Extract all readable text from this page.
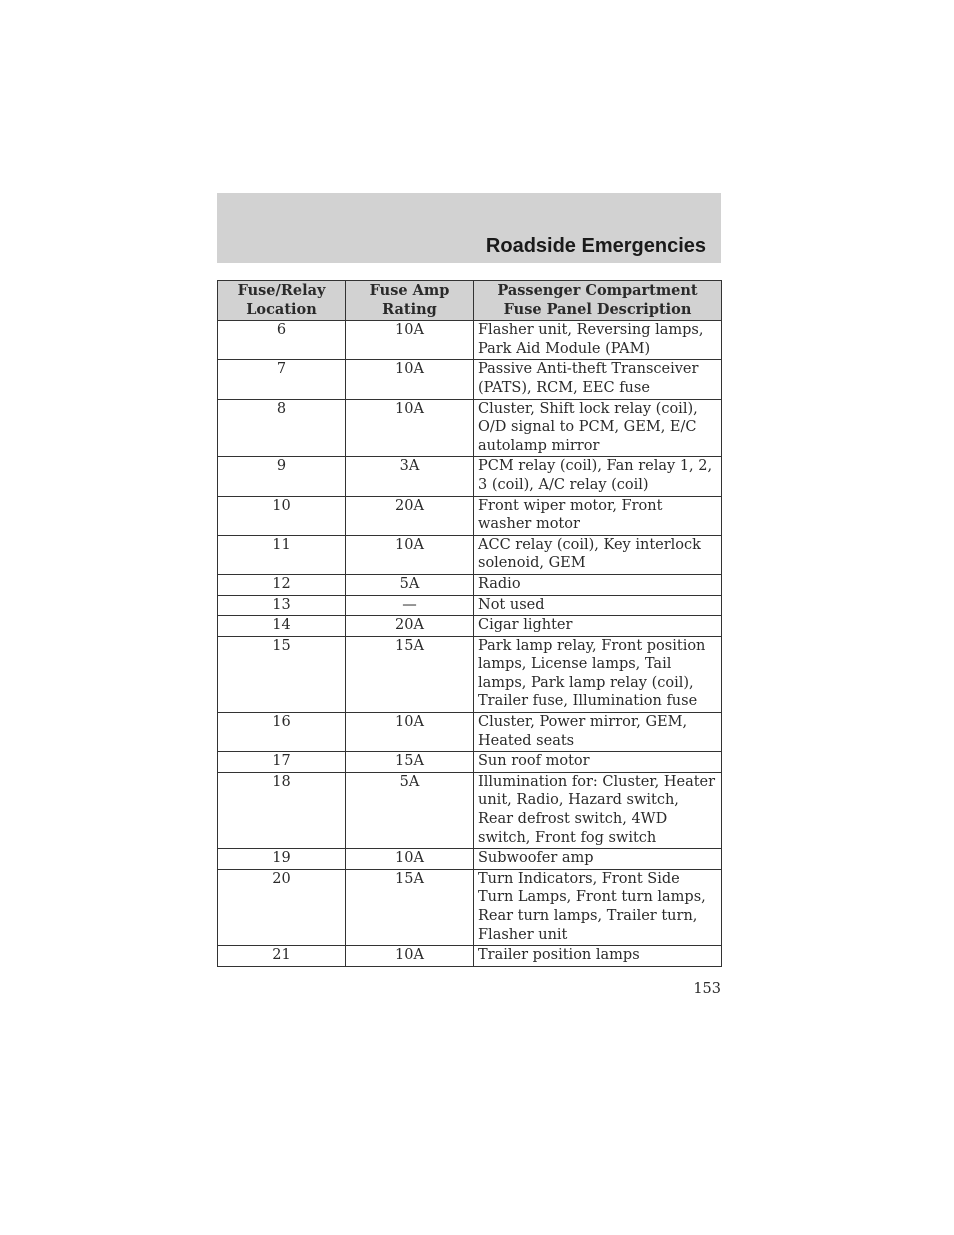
Roadside Emergencies
Fuse/Relay Location	Fuse Amp Rating	Passenger Compartment Fuse Panel Description
6	10A	Flasher unit, Reversing lamps, Park Aid Module (PAM)
7	10A	Passive Anti-theft Transceiver (PATS), RCM, EEC fuse
8	10A	Cluster, Shift lock relay (coil), O/D signal to PCM, GEM, E/C autolamp mirror
9	3A	PCM relay (coil), Fan relay 1, 2, 3 (coil), A/C relay (coil)
10	20A	Front wiper motor, Front washer motor
11	10A	ACC relay (coil), Key interlock solenoid, GEM
12	5A	Radio
13	—	Not used
14	20A	Cigar lighter
15	15A	Park lamp relay, Front position lamps, License lamps, Tail lamps, Park lamp relay (coil), Trailer fuse, Illumination fuse
16	10A	Cluster, Power mirror, GEM, Heated seats
17	15A	Sun roof motor
18	5A	Illumination for: Cluster, Heater unit, Radio, Hazard switch, Rear defrost switch, 4WD switch, Front fog switch
19	10A	Subwoofer amp
20	15A	Turn Indicators, Front Side Turn Lamps, Front turn lamps, Rear turn lamps, Trailer turn, Flasher unit
21	10A	Trailer position lamps
153
